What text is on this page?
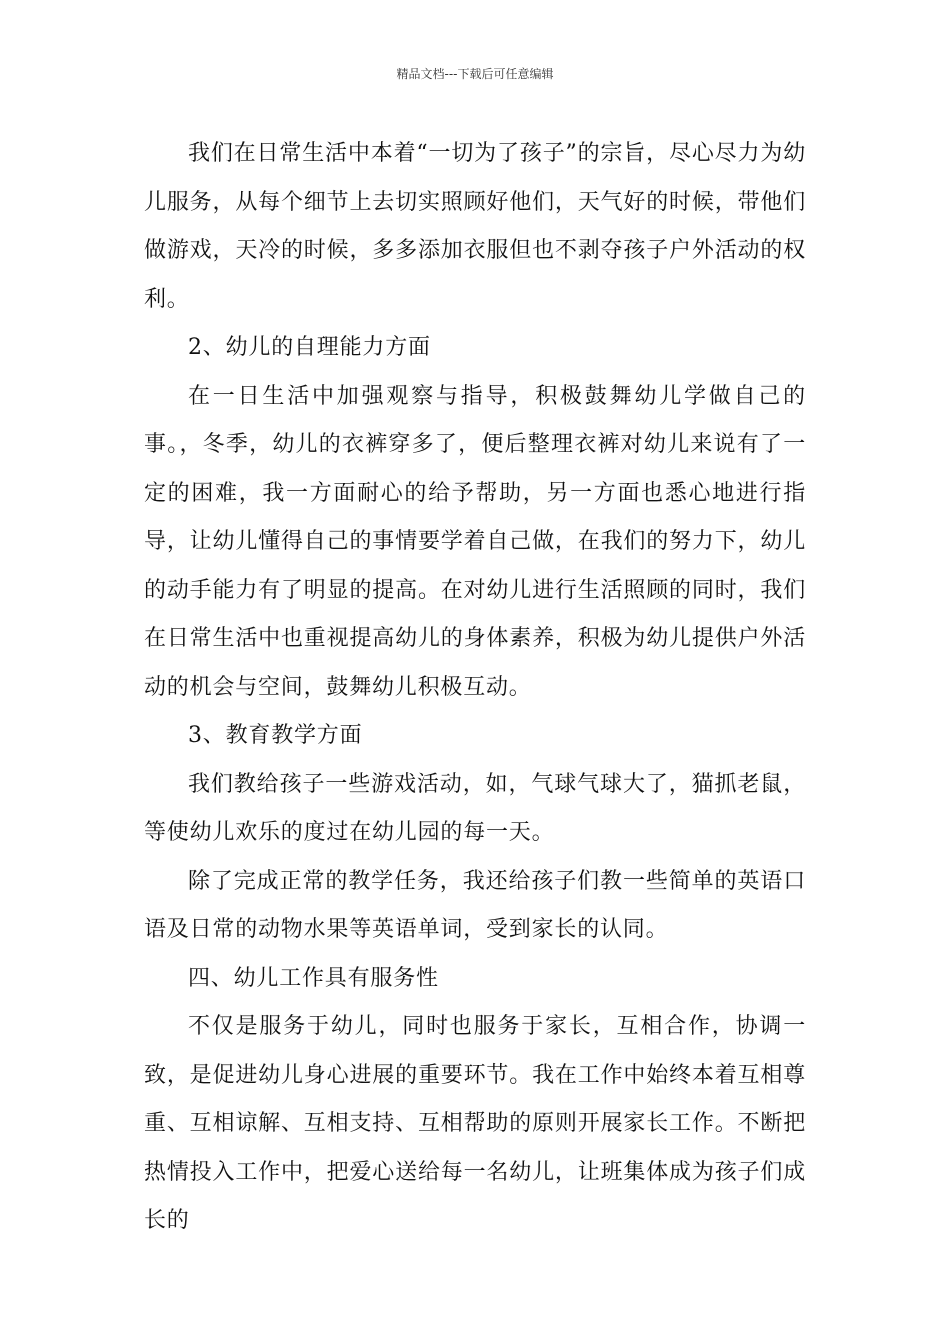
精品文档---下载后可任意编辑

我们在日常生活中本着“一切为了孩子”的宗旨，尽心尽力为幼儿服务，从每个细节上去切实照顾好他们，天气好的时候，带他们做游戏，天冷的时候，多多添加衣服但也不剥夺孩子户外活动的权利。

2、幼儿的自理能力方面

在一日生活中加强观察与指导，积极鼓舞幼儿学做自己的事。，冬季，幼儿的衣裤穿多了，便后整理衣裤对幼儿来说有了一定的困难，我一方面耐心的给予帮助，另一方面也悉心地进行指导，让幼儿懂得自己的事情要学着自己做，在我们的努力下，幼儿的动手能力有了明显的提高。在对幼儿进行生活照顾的同时，我们在日常生活中也重视提高幼儿的身体素养，积极为幼儿提供户外活动的机会与空间，鼓舞幼儿积极互动。

3、教育教学方面

我们教给孩子一些游戏活动，如，气球气球大了，猫抓老鼠，等使幼儿欢乐的度过在幼儿园的每一天。

除了完成正常的教学任务，我还给孩子们教一些简单的英语口语及日常的动物水果等英语单词，受到家长的认同。

四、幼儿工作具有服务性

不仅是服务于幼儿，同时也服务于家长，互相合作，协调一致，是促进幼儿身心进展的重要环节。我在工作中始终本着互相尊重、互相谅解、互相支持、互相帮助的原则开展家长工作。不断把热情投入工作中，把爱心送给每一名幼儿，让班集体成为孩子们成长的
